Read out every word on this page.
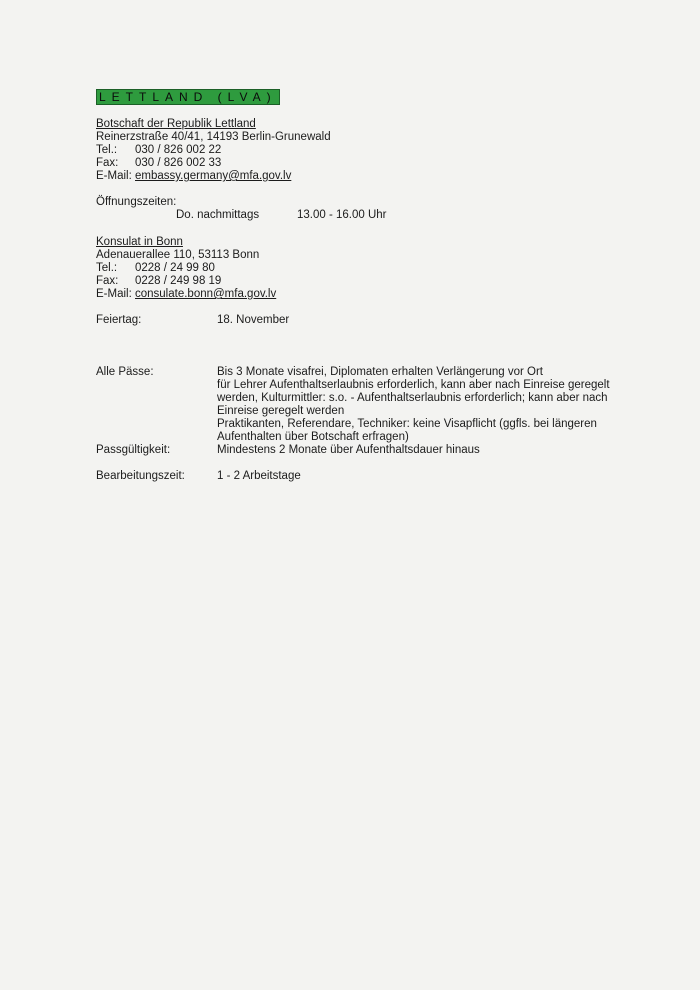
LETTLAND (LVA)
Botschaft der Republik Lettland
Reinerzstraße 40/41, 14193 Berlin-Grunewald
Tel.: 030 / 826 002 22
Fax: 030 / 826 002 33
E-Mail: embassy.germany@mfa.gov.lv
Öffnungszeiten:
Do. nachmittags	13.00 - 16.00 Uhr
Konsulat in Bonn
Adenauerallee 110, 53113 Bonn
Tel.: 0228 / 24 99 80
Fax: 0228 / 249 98 19
E-Mail: consulate.bonn@mfa.gov.lv
Feiertag:	18. November
Alle Pässe:	Bis 3 Monate visafrei, Diplomaten erhalten Verlängerung vor Ort
für Lehrer Aufenthaltserlaubnis erforderlich, kann aber nach Einreise geregelt
werden, Kulturmittler: s.o. - Aufenthaltserlaubnis erforderlich; kann aber nach
Einreise geregelt werden
Praktikanten, Referendare, Techniker: keine Visapflicht (ggfls. bei längeren
Aufenthalten über Botschaft erfragen)
Passgültigkeit:	Mindestens 2 Monate über Aufenthaltsdauer hinaus
Bearbeitungszeit:	1 - 2 Arbeitstage
